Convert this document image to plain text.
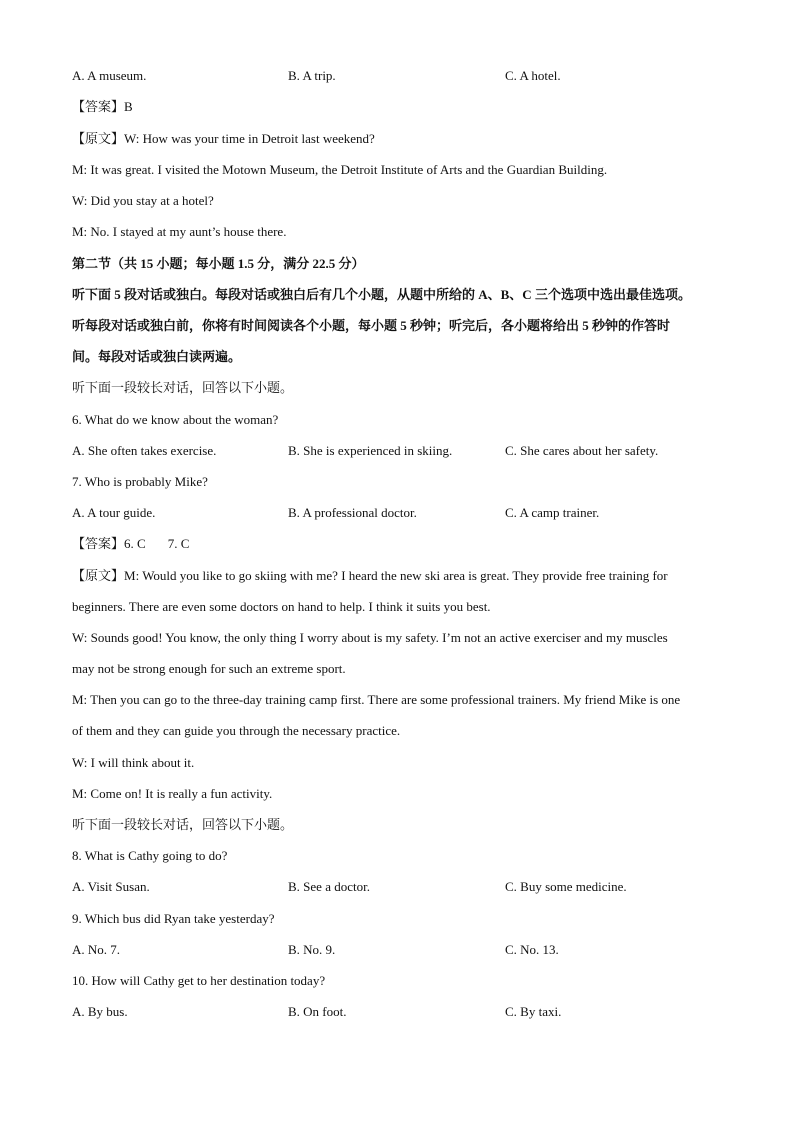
A. A museum.	B. A trip.	C. A hotel.
【答案】B
【原文】W: How was your time in Detroit last weekend?
M: It was great. I visited the Motown Museum, the Detroit Institute of Arts and the Guardian Building.
W: Did you stay at a hotel?
M: No. I stayed at my aunt’s house there.
第二节（共 15 小题；每小题 1.5 分，满分 22.5 分）
听下面 5 段对话或独白。每段对话或独白后有几个小题，从题中所给的 A、B、C 三个选项中选出最佳选项。
听每段对话或独白前，你将有时间阅读各个小题，每小题 5 秒钟；听完后，各小题将给出 5 秒钟的作答时
间。每段对话或独白读两遍。
听下面一段较长对话，回答以下小题。
6. What do we know about the woman?
A. She often takes exercise.	B. She is experienced in skiing.	C. She cares about her safety.
7. Who is probably Mike?
A. A tour guide.	B. A professional doctor.	C. A camp trainer.
【答案】6. C 7. C
【原文】M: Would you like to go skiing with me? I heard the new ski area is great. They provide free training for
beginners. There are even some doctors on hand to help. I think it suits you best.
W: Sounds good! You know, the only thing I worry about is my safety. I’m not an active exerciser and my muscles
may not be strong enough for such an extreme sport.
M: Then you can go to the three-day training camp first. There are some professional trainers. My friend Mike is one
of them and they can guide you through the necessary practice.
W: I will think about it.
M: Come on! It is really a fun activity.
听下面一段较长对话，回答以下小题。
8. What is Cathy going to do?
A. Visit Susan.	B. See a doctor.	C. Buy some medicine.
9. Which bus did Ryan take yesterday?
A. No. 7.	B. No. 9.	C. No. 13.
10. How will Cathy get to her destination today?
A. By bus.	B. On foot.	C. By taxi.
